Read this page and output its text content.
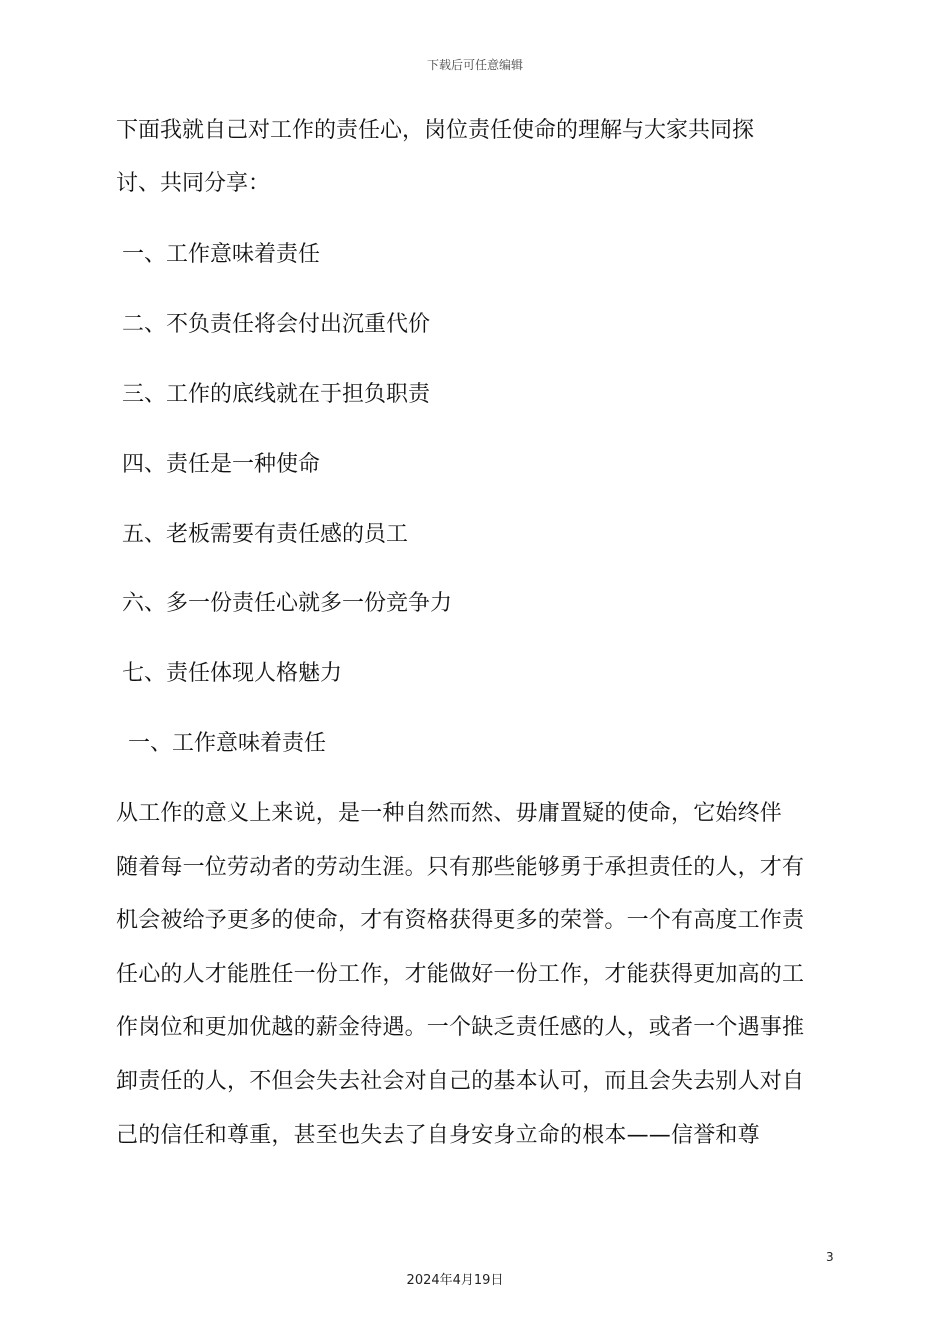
下载后可任意编辑
下面我就自己对工作的责任心，岗位责任使命的理解与大家共同探
讨、共同分享：
一、工作意味着责任
二、不负责任将会付出沉重代价
三、工作的底线就在于担负职责
四、责任是一种使命
五、老板需要有责任感的员工
六、多一份责任心就多一份竞争力
七、责任体现人格魅力
一、工作意味着责任
从工作的意义上来说，是一种自然而然、毋庸置疑的使命，它始终伴
随着每一位劳动者的劳动生涯。只有那些能够勇于承担责任的人，才有
机会被给予更多的使命，才有资格获得更多的荣誉。一个有高度工作责
任心的人才能胜任一份工作，才能做好一份工作，才能获得更加高的工
作岗位和更加优越的薪金待遇。一个缺乏责任感的人，或者一个遇事推
卸责任的人，不但会失去社会对自己的基本认可，而且会失去别人对自
己的信任和尊重，甚至也失去了自身安身立命的根本——信誉和尊
3
2024年4月19日
